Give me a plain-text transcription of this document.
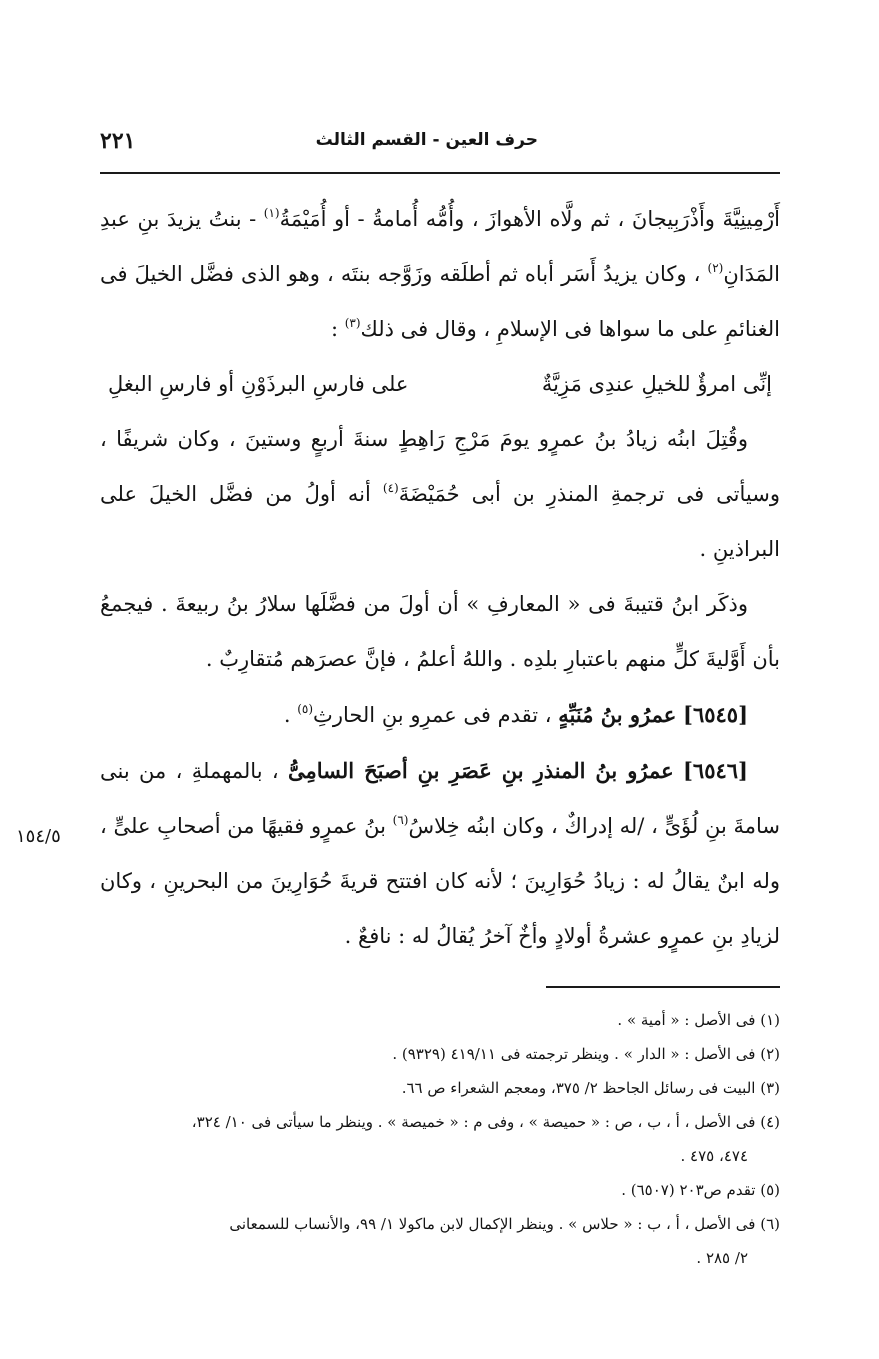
حرف العين - القسم الثالث
٢٢١

أَرْمِينِيَّةَ وأَذْرَبِيجانَ ، ثم ولَّاه الأهوازَ ، وأُمُّه أُمامةُ - أو أُمَيْمَةُ$^{(١)}$ - بنتُ يزيدَ بنِ عبدِ المَدَانِ$^{(٢)}$ ، وكان يزيدُ أَسَر أباه ثم أطلَقه وزَوَّجه بنتَه ، وهو الذى فضَّل الخيلَ فى الغنائمِ على ما سواها فى الإسلامِ ، وقال فى ذلك$^{(٣)}$ :

إنِّى امرؤٌ للخيلِ عندِى مَزِيَّةٌ
على فارسِ البرذَوْنِ أو فارسِ البغلِ

وقُتِلَ ابنُه زيادُ بنُ عمرٍو يومَ مَرْجِ رَاهِطٍ سنةَ أربعٍ وستينَ ، وكان شريفًا ، وسيأتى فى ترجمةِ المنذرِ بن أبى حُمَيْضَةَ$^{(٤)}$ أنه أولُ من فضَّل الخيلَ على البراذينِ .

وذكَر ابنُ قتيبةَ فى « المعارفِ » أن أولَ من فضَّلَها سلارُ بنُ ربيعةَ . فيجمعُ بأن أَوَّليةَ كلٍّ منهم باعتبارِ بلدِه . واللهُ أعلمُ ، فإنَّ عصرَهم مُتقارِبٌ .

[٦٥٤٥] عمرُو بنُ مُنَبِّهٍ ، تقدم فى عمرِو بنِ الحارثِ$^{(٥)}$ .

[٦٥٤٦] عمرُو بنُ المنذرِ بنِ عَصَرِ بنِ أصبَحَ السامِىُّ ، بالمهملةِ ، من بنى سامةَ بنِ لُؤَىٍّ ، /له إدراكٌ ، وكان ابنُه خِلاسُ$^{(٦)}$ بنُ عمرٍو فقيهًا من أصحابِ علىٍّ ، وله ابنٌ يقالُ له : زيادُ حُوَارِينَ ؛ لأنه كان افتتح قريةَ حُوَارِينَ من البحرينِ ، وكان لزيادِ بنِ عمرٍو عشرةُ أولادٍ وأخٌ آخرُ يُقالُ له : نافعٌ .

١٥٤/٥

(١) فى الأصل : « أمية » .

(٢) فى الأصل : « الدار » . وينظر ترجمته فى ٤١٩/١١ (٩٣٢٩) .

(٣) البيت فى رسائل الجاحظ ٢/ ٣٧٥، ومعجم الشعراء ص ٦٦.

(٤) فى الأصل ، أ ، ب ، ص : « حميصة » ، وفى م : « خميصة » . وينظر ما سيأتى فى ١٠/ ٣٢٤،

٤٧٤، ٤٧٥ .

(٥) تقدم ص٢٠٣ (٦٥٠٧) .

(٦) فى الأصل ، أ ، ب : « حلاس » . وينظر الإكمال لابن ماكولا ١/ ٩٩، والأنساب للسمعانى

٢/ ٢٨٥ .
